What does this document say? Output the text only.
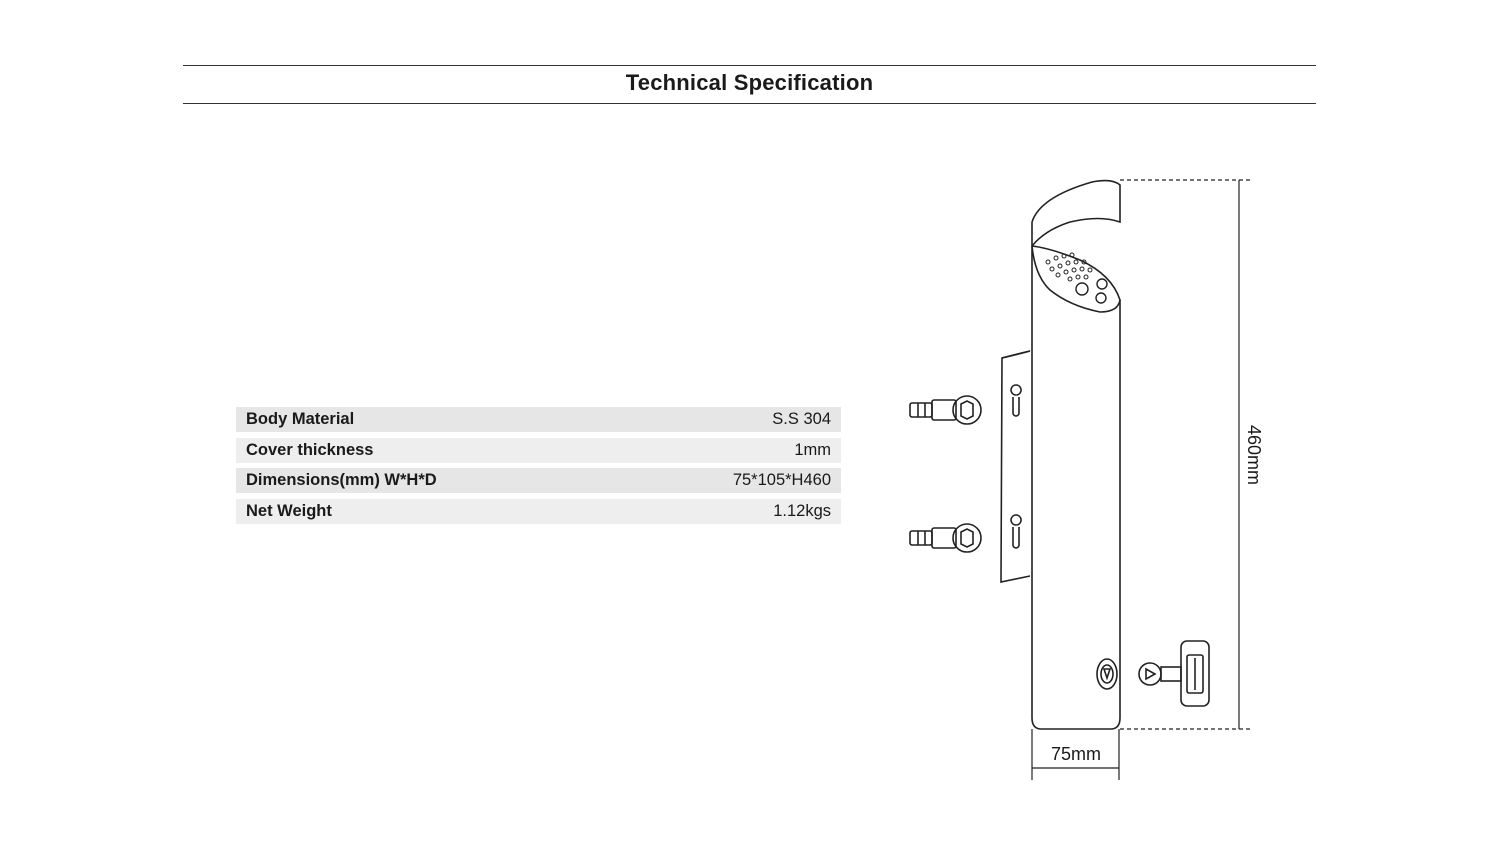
Technical Specification
Body Material	S.S 304
Cover thickness	1mm
Dimensions(mm) W*H*D	75*105*H460
Net Weight	1.12kgs
460mm
75mm
